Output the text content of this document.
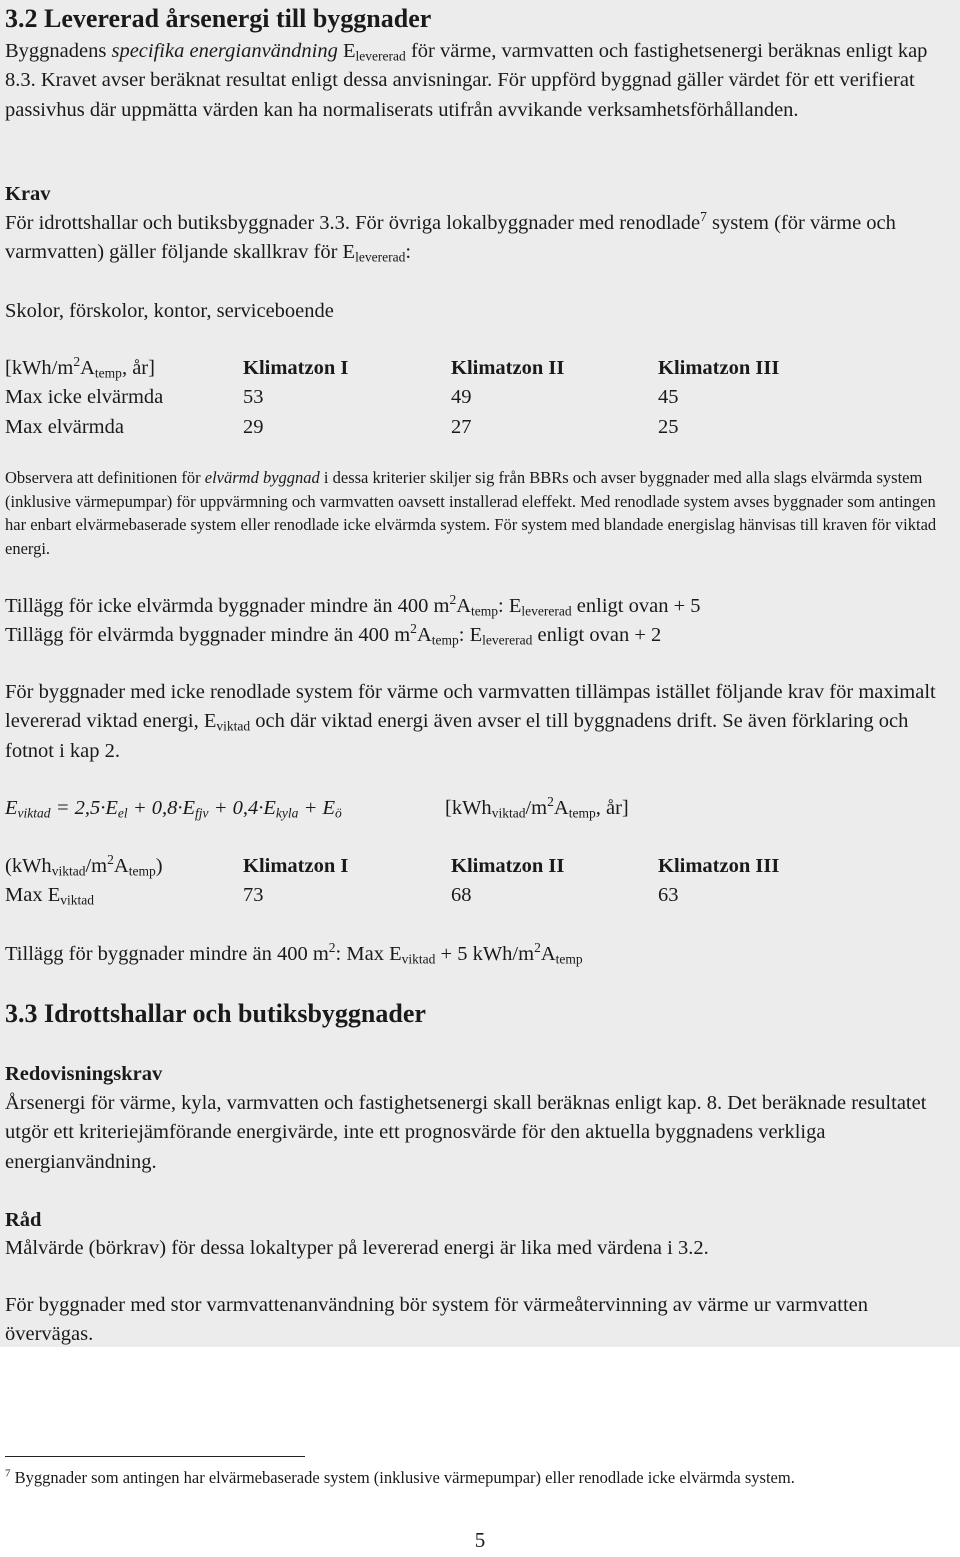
3.2 Levererad årsenergi till byggnader

Byggnadens specifika energianvändning $E_{levererad}$ för värme, varmvatten och fastighetsenergi beräknas enligt kap 8.3. Kravet avser beräknat resultat enligt dessa anvisningar. För uppförd byggnad gäller värdet för ett verifierat passivhus där uppmätta värden kan ha normaliserats utifrån avvikande verksamhetsförhållanden.

Krav

För idrottshallar och butiksbyggnader 3.3. För övriga lokalbyggnader med renodlade$^7$ system (för värme och varmvatten) gäller följande skallkrav för $E_{levererad}$:

Skolor, förskolor, kontor, serviceboende

[$kWh/m^2A_{temp}$, år]	Klimatzon I	Klimatzon II	Klimatzon III
Max icke elvärmda	53	49	45
Max elvärmda	29	27	25

Observera att definitionen för elvärmd byggnad i dessa kriterier skiljer sig från BBRs och avser byggnader med alla slags elvärmda system (inklusive värmepumpar) för uppvärmning och varmvatten oavsett installerad eleffekt. Med renodlade system avses byggnader som antingen har enbart elvärmebaserade system eller renodlade icke elvärmda system. För system med blandade energislag hänvisas till kraven för viktad energi.

Tillägg för icke elvärmda byggnader mindre än 400 $m^2A_{temp}$: $E_{levererad}$ enligt ovan + 5

Tillägg för elvärmda byggnader mindre än 400 $m^2A_{temp}$: $E_{levererad}$ enligt ovan + 2

För byggnader med icke renodlade system för värme och varmvatten tillämpas istället följande krav för maximalt levererad viktad energi, $E_{viktad}$ och där viktad energi även avser el till byggnadens drift. Se även förklaring och fotnot i kap 2.

$E_{viktad} = 2,5\cdot E_{el} + 0,8\cdot E_{fjv} + 0,4\cdot E_{kyla} + E_ö$	[$kWh_{viktad}/m^2A_{temp}$, år]
$(kWh_{viktad}/m^2A_{temp})$	Klimatzon I	Klimatzon II	Klimatzon III
Max $E_{viktad}$	73	68	63

Tillägg för byggnader mindre än 400 $m^2$: Max $E_{viktad} + 5$ kWh/$m^2A_{temp}$

3.3 Idrottshallar och butiksbyggnader

Redovisningskrav

Årsenergi för värme, kyla, varmvatten och fastighetsenergi skall beräknas enligt kap. 8. Det beräknade resultatet utgör ett kriteriejämförande energivärde, inte ett prognosvärde för den aktuella byggnadens verkliga energianvändning.

Råd

Målvärde (börkrav) för dessa lokaltyper på levererad energi är lika med värdena i 3.2.

För byggnader med stor varmvattenanvändning bör system för värmeåtervinning av värme ur varmvatten övervägas.

$^7$ Byggnader som antingen har elvärmebaserade system (inklusive värmepumpar) eller renodlade icke elvärmda system.

5
